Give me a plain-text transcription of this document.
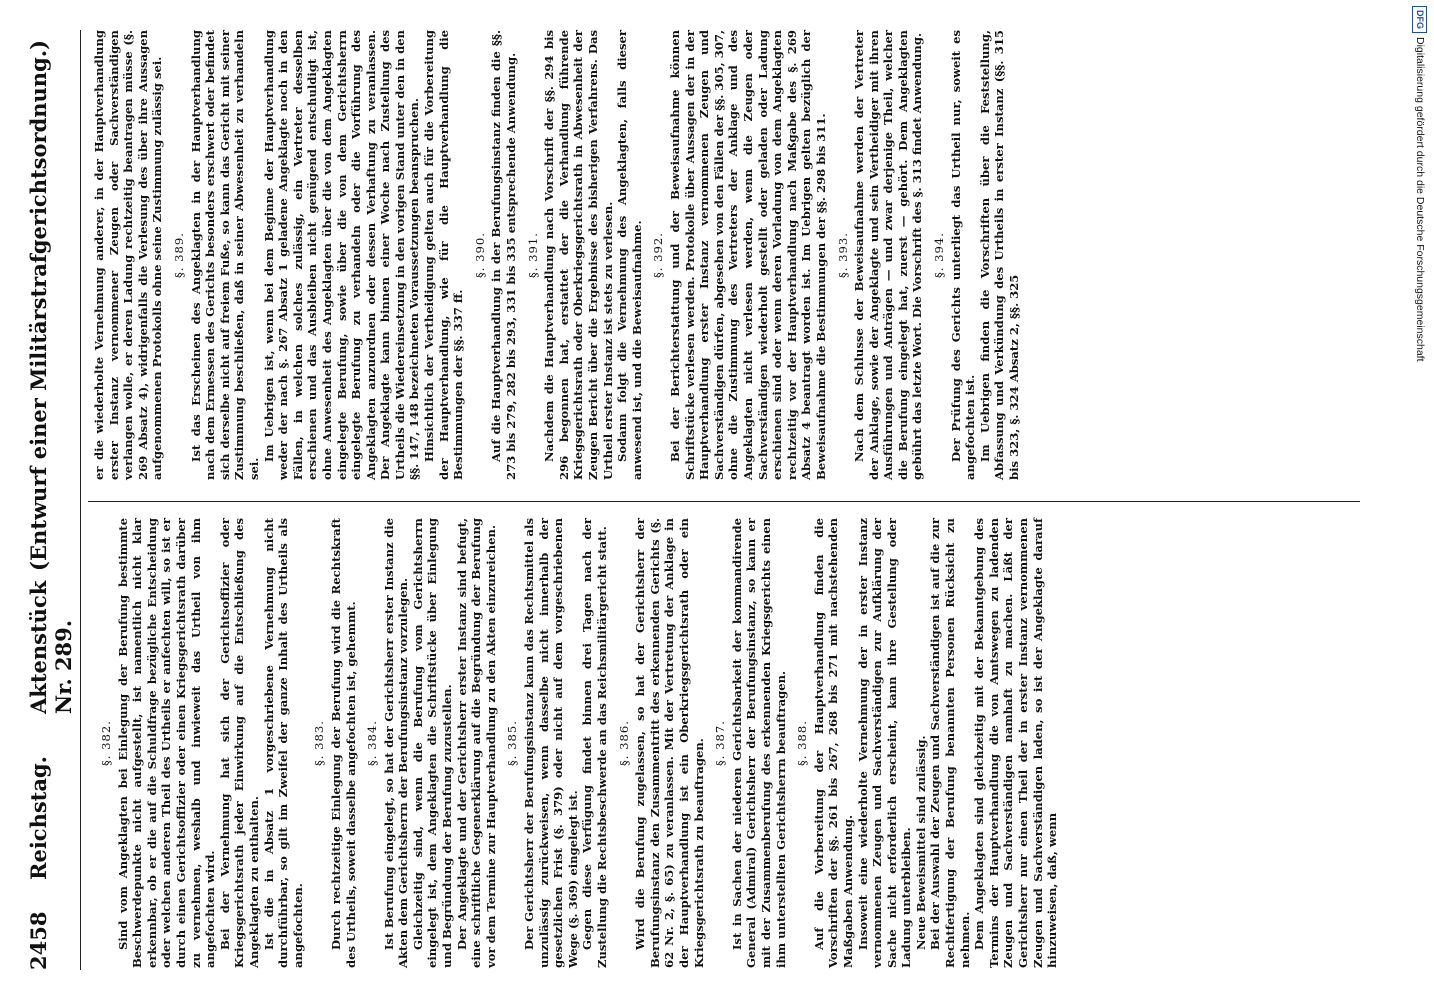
2458
Reichstag.
Aktenstück Nr. 289.
(Entwurf einer Militärstrafgerichtsordnung.)

§. 382. Sind vom Angeklagten bei Einlegung der Berufung bestimmte Beschwerdepunkte nicht aufgestellt, ist namentlich nicht klar erkennbar, ob er die auf die Schuldfrage bezügliche Entscheidung oder welchen anderen Theil des Urtheils er anfechten will, so ist er durch einen Gerichtsoffizier oder einen Kriegsgerichtsrath darüber zu vernehmen, weshalb und inwieweit das Urtheil von ihm angefochten wird. Bei der Vernehmung hat sich der Gerichtsoffizier oder Kriegsgerichtsrath jeder Einwirkung auf die Entschließung des Angeklagten zu enthalten. Ist die in Absatz 1 vorgeschriebene Vernehmung nicht durchführbar, so gilt im Zweifel der ganze Inhalt des Urtheils als angefochten.

§. 383. Durch rechtzeitige Einlegung der Berufung wird die Rechtskraft des Urtheils, soweit dasselbe angefochten ist, gehemmt. §. 384. Ist Berufung eingelegt, so hat der Gerichtsherr erster Instanz die Akten dem Gerichtsherrn der Berufungsinstanz vorzulegen. Gleichzeitig sind, wenn die Berufung vom Gerichtsherrn eingelegt ist, dem Angeklagten die Schriftstücke über Einlegung und Begründung der Berufung zuzustellen. Der Angeklagte und der Gerichtsherr erster Instanz sind befugt, eine schriftliche Gegenerklärung auf die Begründung der Berufung vor dem Termine zur Hauptverhandlung zu den Akten einzureichen. §. 385. Der Gerichtsherr der Berufungsinstanz kann das Rechtsmittel als unzulässig zurückweisen, wenn dasselbe nicht innerhalb der gesetzlichen Frist (§. 379) oder nicht auf dem vorgeschriebenen Wege (§. 369) eingelegt ist. Gegen diese Verfügung findet binnen drei Tagen nach der Zustellung die Rechtsbeschwerde an das Reichsmilitärgericht statt. §. 386. Wird die Berufung zugelassen, so hat der Gerichtsherr der Berufungsinstanz den Zusammentritt des erkennenden Gerichts (§. 62 Nr. 2, §. 65) zu veranlassen. Mit der Vertretung der Anklage in der Hauptverhandlung ist ein Oberkriegsgerichtsrath oder ein Kriegsgerichtsrath zu beauftragen. §. 387. Ist in Sachen der niederen Gerichtsbarkeit der kommandirende General (Admiral) Gerichtsherr der Berufungsinstanz, so kann er mit der Zusammenberufung des erkennenden Kriegsgerichts einen ihm unterstellten Gerichtsherrn beauftragen. §. 388. Auf die Vorbereitung der Hauptverhandlung finden die Vorschriften der §§. 261 bis 267, 268 bis 271 mit nachstehenden Maßgaben Anwendung. Insoweit eine wiederholte Vernehmung der in erster Instanz vernommenen Zeugen und Sachverständigen zur Aufklärung der Sache nicht erforderlich erscheint, kann ihre Gestellung oder Ladung unterbleiben. Neue Beweismittel sind zulässig. Bei der Auswahl der Zeugen und Sachverständigen ist auf die zur Rechtfertigung der Berufung benannten Personen Rücksicht zu nehmen. Dem Angeklagten sind gleichzeitig mit der Bekanntgebung des Termins der Hauptverhandlung die von Amtswegen zu ladenden Zeugen und Sachverständigen namhaft zu machen. Läßt der Gerichtsherr nur einen Theil der in erster Instanz vernommenen Zeugen und Sachverständigen laden, so ist der Angeklagte darauf hinzuweisen, daß, wenn

er die wiederholte Vernehmung anderer, in der Hauptverhandlung erster Instanz vernommener Zeugen oder Sachverständigen verlangen wolle, er deren Ladung rechtzeitig beantragen müsse (§. 269 Absatz 4), widrigenfalls die Verlesung des über ihre Aussagen aufgenommenen Protokolls ohne seine Zustimmung zulässig sei. §. 389. Ist das Erscheinen des Angeklagten in der Hauptverhandlung nach dem Ermessen des Gerichts besonders erschwert oder befindet sich derselbe nicht auf freiem Fuße, so kann das Gericht mit seiner Zustimmung beschließen, daß in seiner Abwesenheit zu verhandeln sei.

Im Uebrigen ist, wenn bei dem Beginne der Hauptverhandlung weder der nach §. 267 Absatz 1 geladene Angeklagte noch in den Fällen, in welchen solches zulässig, ein Vertreter desselben erschienen und das Ausbleiben nicht genügend entschuldigt ist, ohne Anwesenheit des Angeklagten über die von dem Angeklagten eingelegte Berufung, sowie über die von dem Gerichtsherrn eingelegte Berufung zu verhandeln oder die Vorführung des Angeklagten anzuordnen oder dessen Verhaftung zu veranlassen. Der Angeklagte kann binnen einer Woche nach Zustellung des Urtheils die Wiedereinsetzung in den vorigen Stand unter den in den §§. 147, 148 bezeichneten Voraussetzungen beanspruchen. Hinsichtlich der Vertheidigung gelten auch für die Vorbereitung der Hauptverhandlung, wie für die Hauptverhandlung die Bestimmungen der §§. 337 ff.

§. 390. Auf die Hauptverhandlung in der Berufungsinstanz finden die §§. 273 bis 279, 282 bis 293, 331 bis 335 entsprechende Anwendung. §. 391. Nachdem die Hauptverhandlung nach Vorschrift der §§. 294 bis 296 begonnen hat, erstattet der die Verhandlung führende Kriegsgerichtsrath oder Oberkriegsgerichtsrath in Abwesenheit der Zeugen Bericht über die Ergebnisse des bisherigen Verfahrens. Das Urtheil erster Instanz ist stets zu verlesen. Sodann folgt die Vernehmung des Angeklagten, falls dieser anwesend ist, und die Beweisaufnahme. §. 392. Bei der Berichterstattung und der Beweisaufnahme können Schriftstücke verlesen werden. Protokolle über Aussagen der in der Hauptverhandlung erster Instanz vernommenen Zeugen und Sachverständigen dürfen, abgesehen von den Fällen der §§. 305, 307, ohne die Zustimmung des Vertreters der Anklage und des Angeklagten nicht verlesen werden, wenn die Zeugen oder Sachverständigen wiederholt gestellt oder geladen oder Ladung erschienen sind oder wenn deren Vorladung von dem Angeklagten rechtzeitig vor der Hauptverhandlung nach Maßgabe des §. 269 Absatz 4 beantragt worden ist. Im Uebrigen gelten bezüglich der Beweisaufnahme die Bestimmungen der §§. 298 bis 311. §. 393. Nach dem Schlusse der Beweisaufnahme werden der Vertreter der Anklage, sowie der Angeklagte und sein Vertheidiger mit ihren Ausführungen und Anträgen — und zwar derjenige Theil, welcher die Berufung eingelegt hat, zuerst — gehört. Dem Angeklagten gebührt das letzte Wort. Die Vorschrift des §. 313 findet Anwendung. §. 394. Der Prüfung des Gerichts unterliegt das Urtheil nur, soweit es angefochten ist. Im Uebrigen finden die Vorschriften über die Feststellung, Abfassung und Verkündung des Urtheils in erster Instanz (§§. 315 bis 323, §. 324 Absatz 2, §§. 325

DFG
Digitalisierung gefördert durch die Deutsche Forschungsgemeinschaft
